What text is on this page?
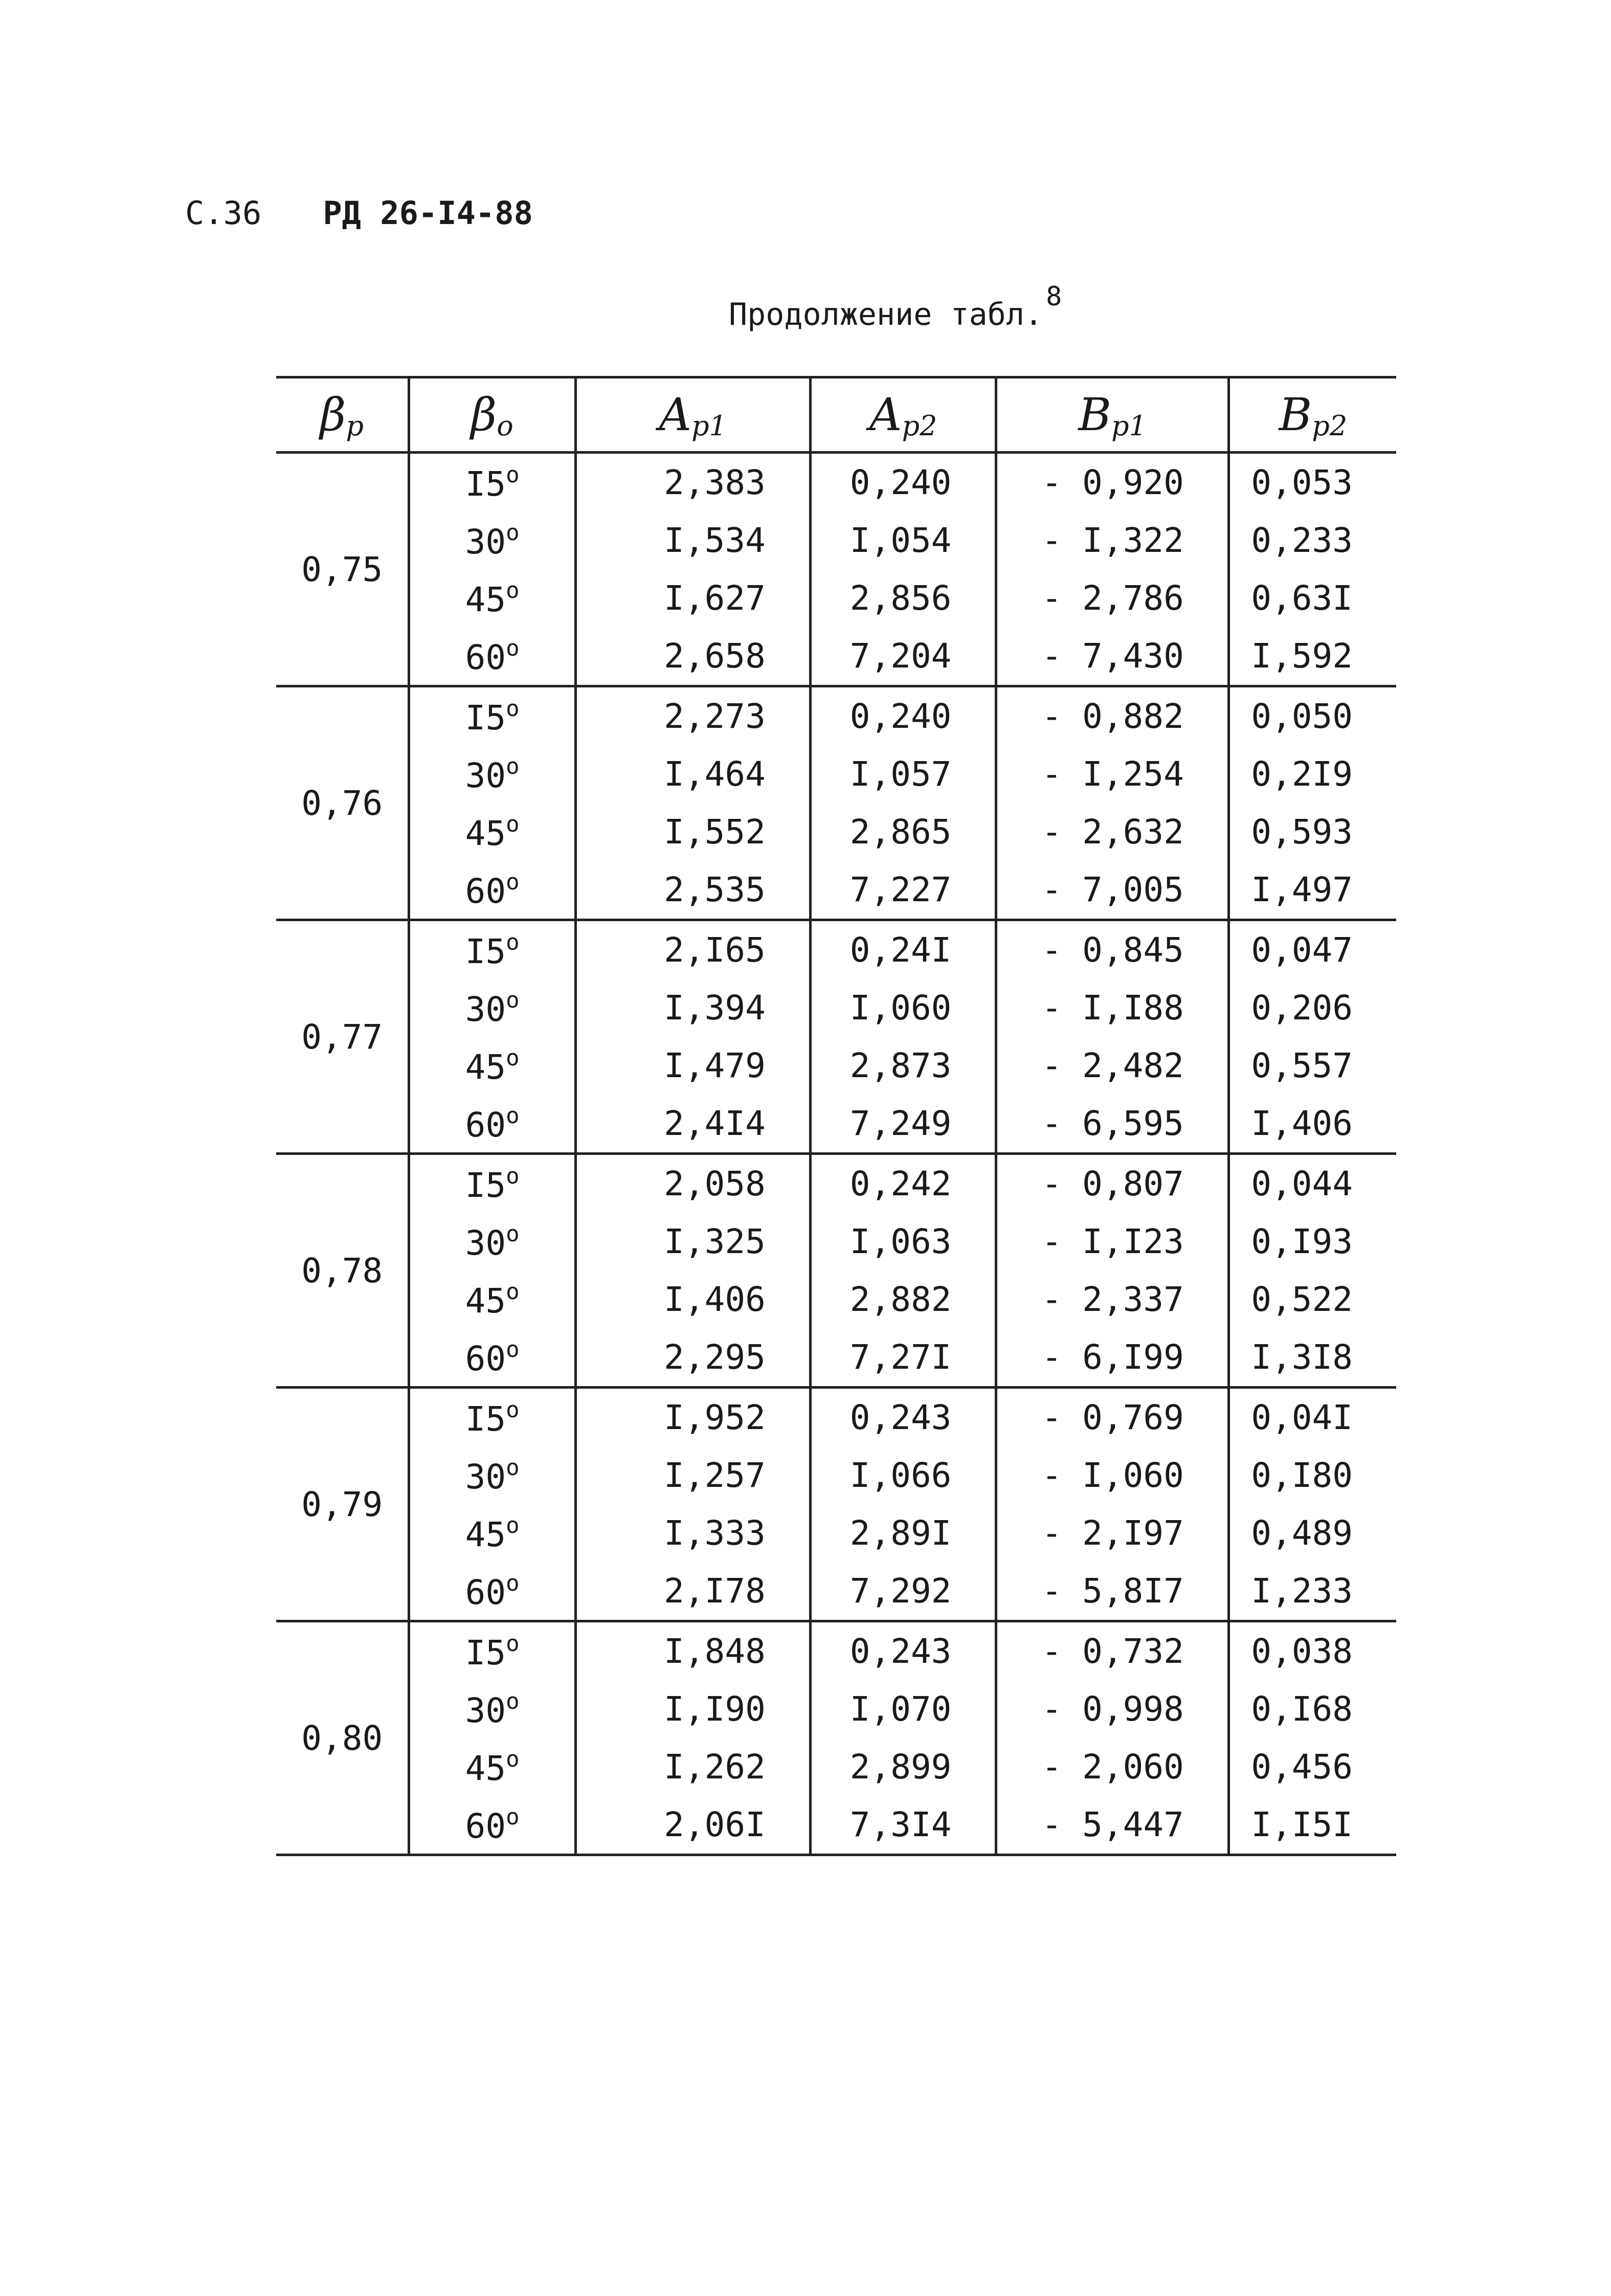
С.36 РД 26-I4-88
Продолжение табл. $^8$
$\beta_p$	$\beta_o$	$A_{p1}$	$A_{p2}$	$B_{p1}$	$B_{p2}$
0,75	I5$^o$	2,383	0,240	- 0,920	0,053
	30$^o$	I,534	I,054	- I,322	0,233
	45$^o$	I,627	2,856	- 2,786	0,63I
	60$^o$	2,658	7,204	- 7,430	I,592
0,76	I5$^o$	2,273	0,240	- 0,882	0,050
	30$^o$	I,464	I,057	- I,254	0,2I9
	45$^o$	I,552	2,865	- 2,632	0,593
	60$^o$	2,535	7,227	- 7,005	I,497
0,77	I5$^o$	2,I65	0,24I	- 0,845	0,047
	30$^o$	I,394	I,060	- I,I88	0,206
	45$^o$	I,479	2,873	- 2,482	0,557
	60$^o$	2,4I4	7,249	- 6,595	I,406
0,78	I5$^o$	2,058	0,242	- 0,807	0,044
	30$^o$	I,325	I,063	- I,I23	0,I93
	45$^o$	I,406	2,882	- 2,337	0,522
	60$^o$	2,295	7,27I	- 6,I99	I,3I8
0,79	I5$^o$	I,952	0,243	- 0,769	0,04I
	30$^o$	I,257	I,066	- I,060	0,I80
	45$^o$	I,333	2,89I	- 2,I97	0,489
	60$^o$	2,I78	7,292	- 5,8I7	I,233
0,80	I5$^o$	I,848	0,243	- 0,732	0,038
	30$^o$	I,I90	I,070	- 0,998	0,I68
	45$^o$	I,262	2,899	- 2,060	0,456
	60$^o$	2,06I	7,3I4	- 5,447	I,I5I
